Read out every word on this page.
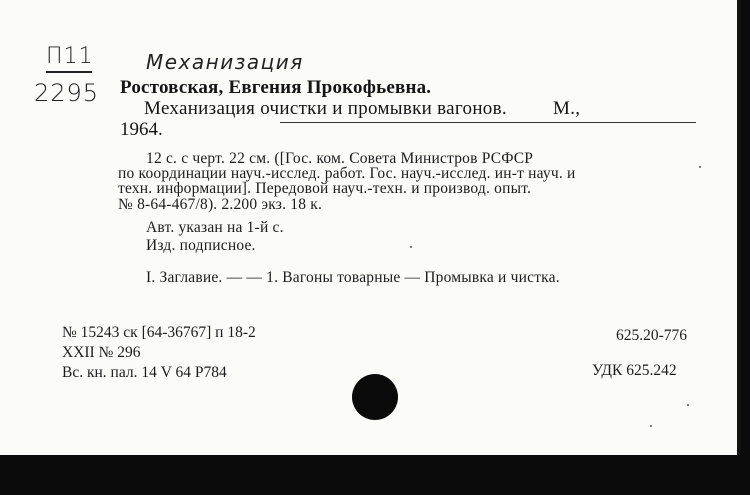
Π11
2295
Механизация
Ростовская, Евгения Прокофьевна.
Механизация очистки и промывки вагонов. М.,
1964.
12 с. с черт. 22 см. ([Гос. ком. Совета Министров РСФСР
по координации науч.-исслед. работ. Гос. науч.-исслед. ин-т науч. и
техн. информации]. Передовой науч.-техн. и производ. опыт.
№ 8-64-467/8). 2.200 экз. 18 к.
Авт. указан на 1-й с.
Изд. подписное.
I. Заглавие. — — 1. Вагоны товарные — Промывка и чистка.
№ 15243 ск [64-36767] п 18-2
XXII № 296
Вс. кн. пал. 14 V 64 Р784
625.20-776
УДК 625.242
